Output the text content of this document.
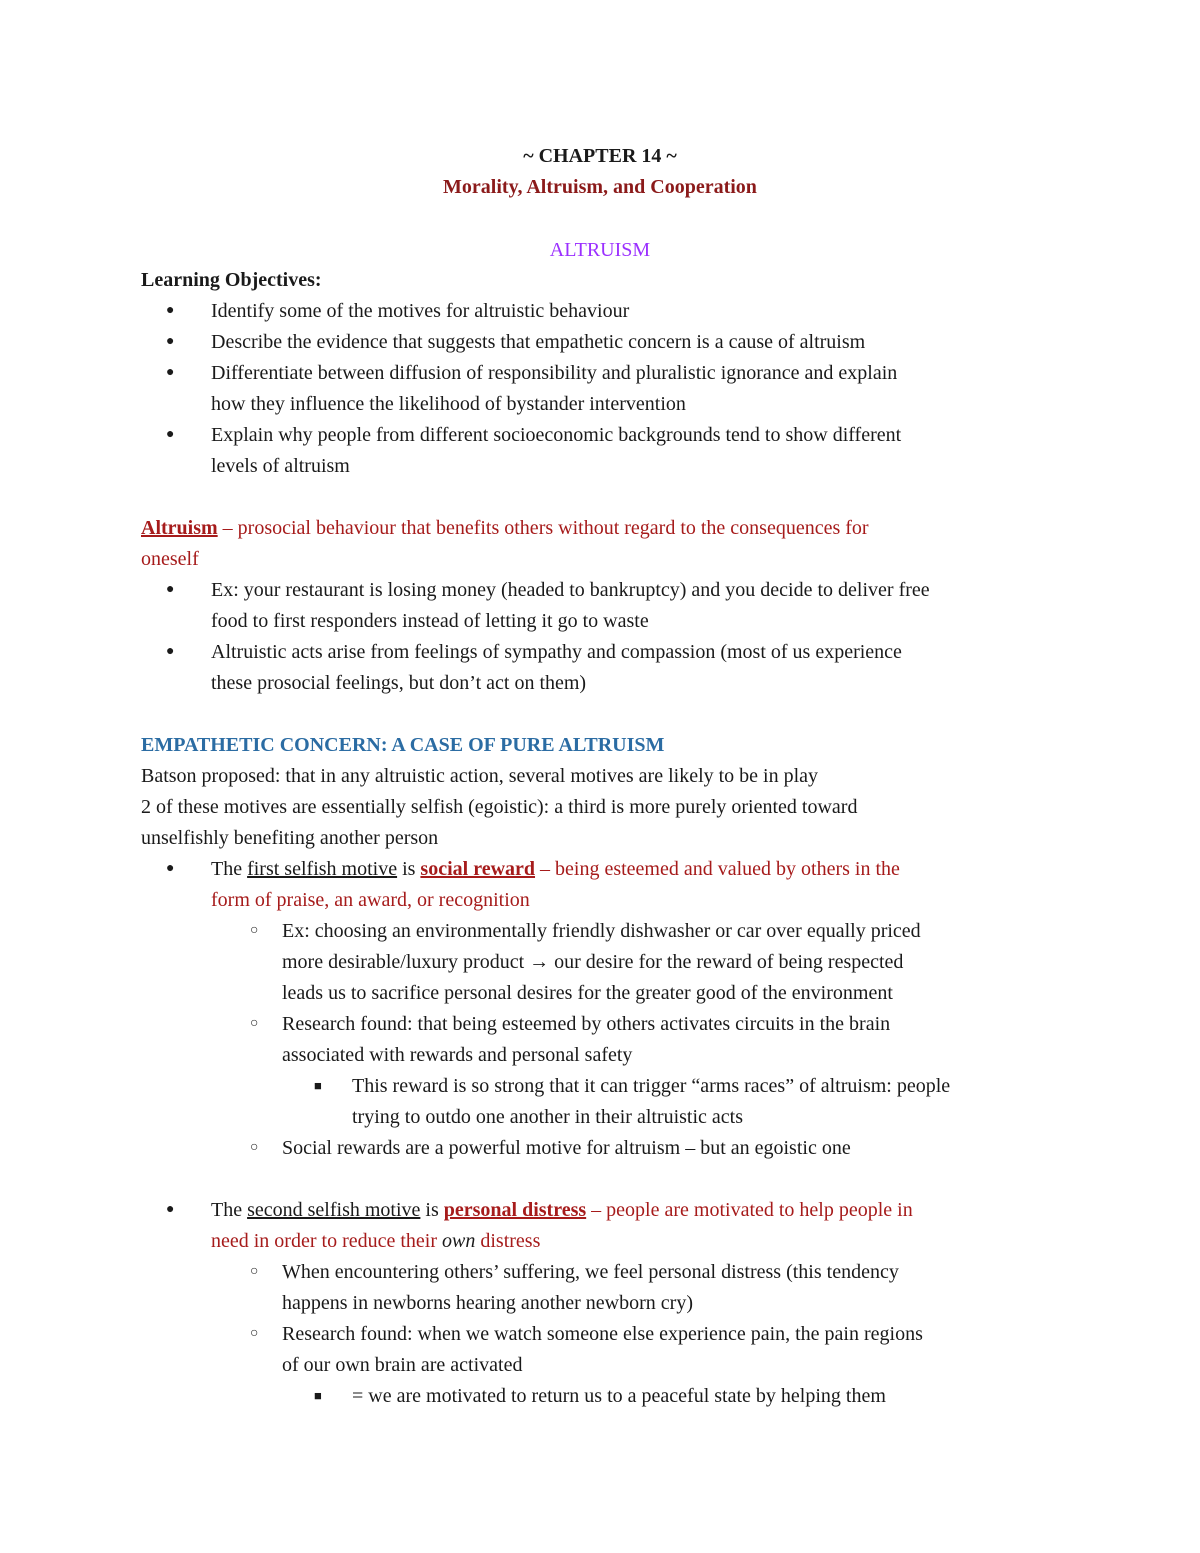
~ CHAPTER 14 ~
Morality, Altruism, and Cooperation
ALTRUISM
Learning Objectives:
● Identify some of the motives for altruistic behaviour
● Describe the evidence that suggests that empathetic concern is a cause of altruism
● Differentiate between diffusion of responsibility and pluralistic ignorance and explain
how they influence the likelihood of bystander intervention
● Explain why people from different socioeconomic backgrounds tend to show different
levels of altruism
Altruism – prosocial behaviour that benefits others without regard to the consequences for
oneself
● Ex: your restaurant is losing money (headed to bankruptcy) and you decide to deliver free
food to first responders instead of letting it go to waste
● Altruistic acts arise from feelings of sympathy and compassion (most of us experience
these prosocial feelings, but don’t act on them)
EMPATHETIC CONCERN: A CASE OF PURE ALTRUISM
Batson proposed: that in any altruistic action, several motives are likely to be in play
2 of these motives are essentially selfish (egoistic): a third is more purely oriented toward
unselfishly benefiting another person
● The first selfish motive is social reward – being esteemed and valued by others in the
form of praise, an award, or recognition
○ Ex: choosing an environmentally friendly dishwasher or car over equally priced
more desirable/luxury product → our desire for the reward of being respected
leads us to sacrifice personal desires for the greater good of the environment
○ Research found: that being esteemed by others activates circuits in the brain
associated with rewards and personal safety
■ This reward is so strong that it can trigger “arms races” of altruism: people
trying to outdo one another in their altruistic acts
○ Social rewards are a powerful motive for altruism – but an egoistic one
● The second selfish motive is personal distress – people are motivated to help people in
need in order to reduce their own distress
○ When encountering others’ suffering, we feel personal distress (this tendency
happens in newborns hearing another newborn cry)
○ Research found: when we watch someone else experience pain, the pain regions
of our own brain are activated
■ = we are motivated to return us to a peaceful state by helping them
